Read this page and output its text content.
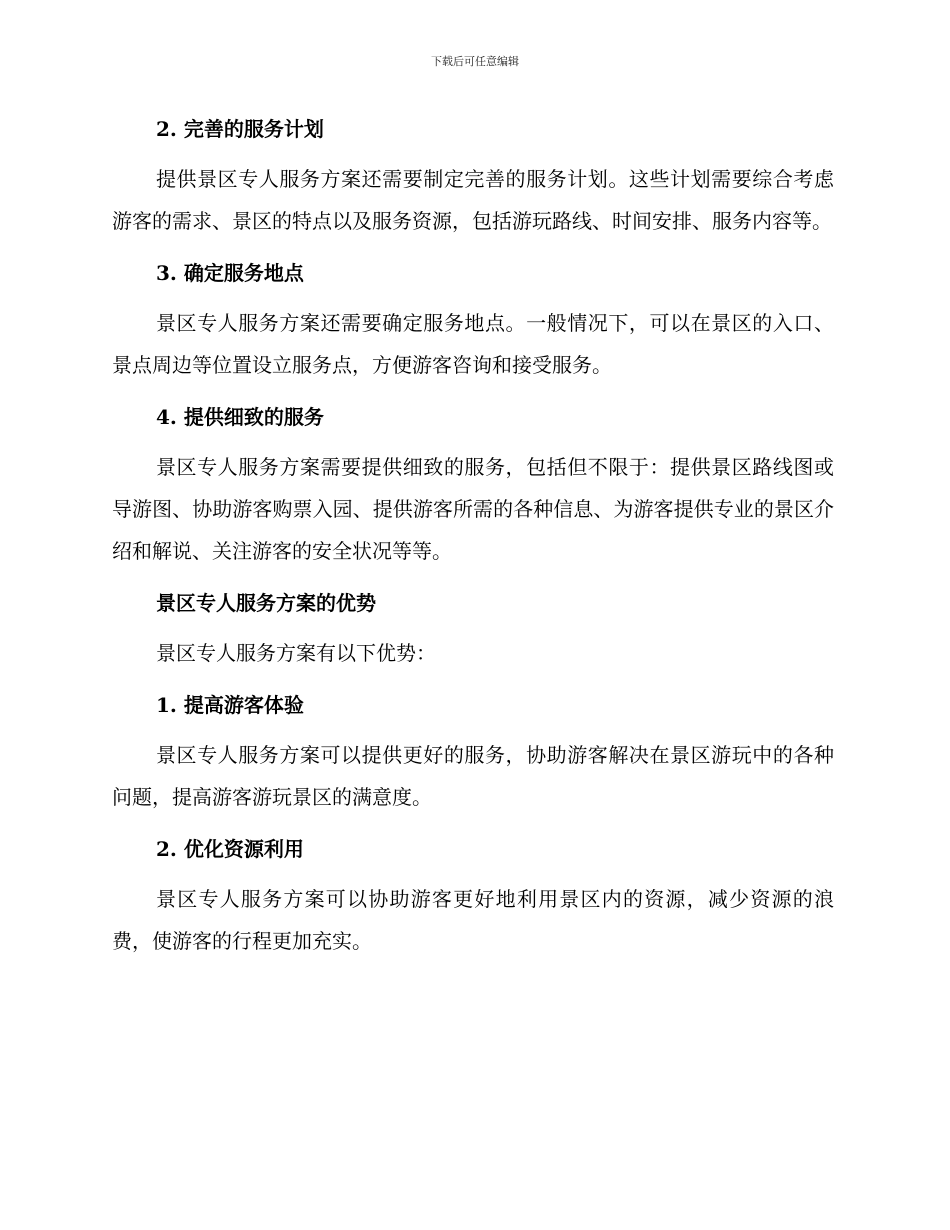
下载后可任意编辑
2. 完善的服务计划
提供景区专人服务方案还需要制定完善的服务计划。这些计划需要综合考虑游客的需求、景区的特点以及服务资源，包括游玩路线、时间安排、服务内容等。
3. 确定服务地点
景区专人服务方案还需要确定服务地点。一般情况下，可以在景区的入口、景点周边等位置设立服务点，方便游客咨询和接受服务。
4. 提供细致的服务
景区专人服务方案需要提供细致的服务，包括但不限于：提供景区路线图或导游图、协助游客购票入园、提供游客所需的各种信息、为游客提供专业的景区介绍和解说、关注游客的安全状况等等。
景区专人服务方案的优势
景区专人服务方案有以下优势：
1. 提高游客体验
景区专人服务方案可以提供更好的服务，协助游客解决在景区游玩中的各种问题，提高游客游玩景区的满意度。
2. 优化资源利用
景区专人服务方案可以协助游客更好地利用景区内的资源，减少资源的浪费，使游客的行程更加充实。
